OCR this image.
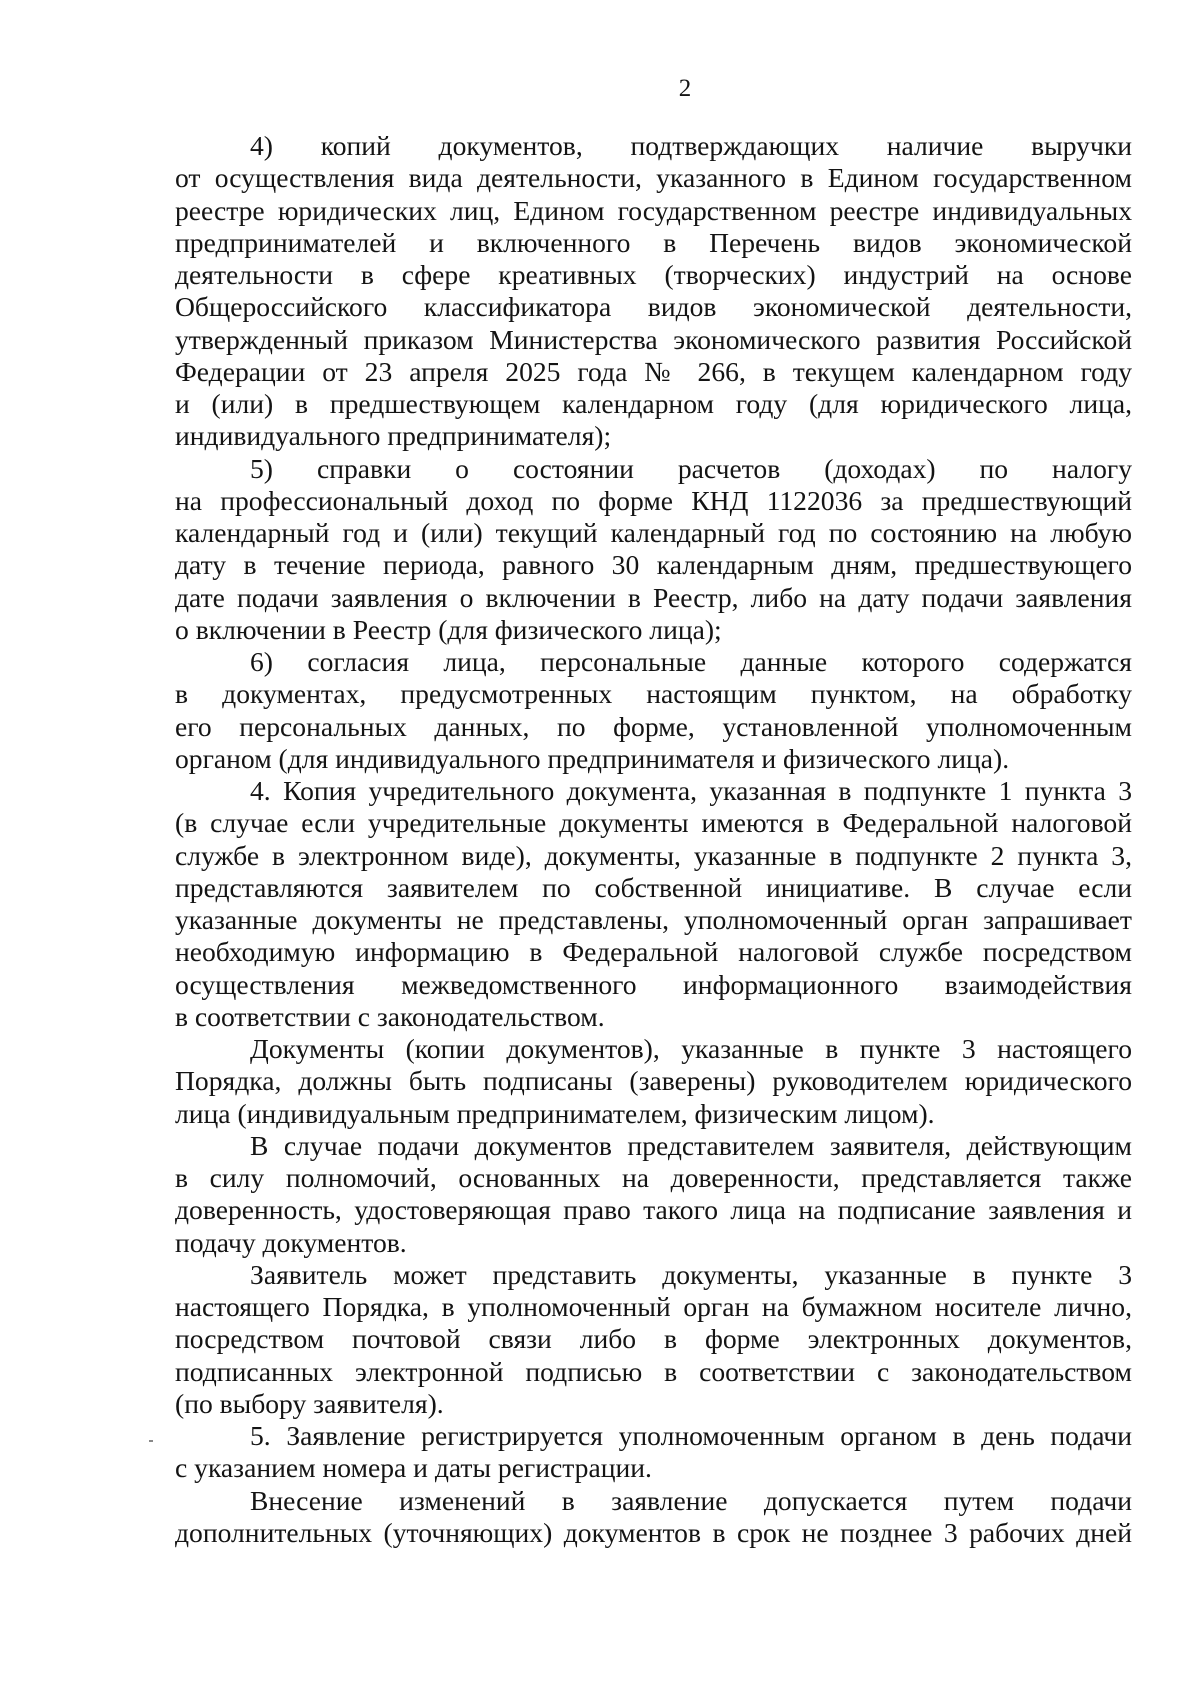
2
4) копий документов, подтверждающих наличие выручки
от осуществления вида деятельности, указанного в Едином государственном
реестре юридических лиц, Едином государственном реестре индивидуальных
предпринимателей и включенного в Перечень видов экономической
деятельности в сфере креативных (творческих) индустрий на основе
Общероссийского классификатора видов экономической деятельности,
утвержденный приказом Министерства экономического развития Российской
Федерации от 23 апреля 2025 года № 266, в текущем календарном году
и (или) в предшествующем календарном году (для юридического лица,
индивидуального предпринимателя);
5) справки о состоянии расчетов (доходах) по налогу
на профессиональный доход по форме КНД 1122036 за предшествующий
календарный год и (или) текущий календарный год по состоянию на любую
дату в течение периода, равного 30 календарным дням, предшествующего
дате подачи заявления о включении в Реестр, либо на дату подачи заявления
о включении в Реестр (для физического лица);
6) согласия лица, персональные данные которого содержатся
в документах, предусмотренных настоящим пунктом, на обработку
его персональных данных, по форме, установленной уполномоченным
органом (для индивидуального предпринимателя и физического лица).
4. Копия учредительного документа, указанная в подпункте 1 пункта 3
(в случае если учредительные документы имеются в Федеральной налоговой
службе в электронном виде), документы, указанные в подпункте 2 пункта 3,
представляются заявителем по собственной инициативе. В случае если
указанные документы не представлены, уполномоченный орган запрашивает
необходимую информацию в Федеральной налоговой службе посредством
осуществления межведомственного информационного взаимодействия
в соответствии с законодательством.
Документы (копии документов), указанные в пункте 3 настоящего
Порядка, должны быть подписаны (заверены) руководителем юридического
лица (индивидуальным предпринимателем, физическим лицом).
В случае подачи документов представителем заявителя, действующим
в силу полномочий, основанных на доверенности, представляется также
доверенность, удостоверяющая право такого лица на подписание заявления и
подачу документов.
Заявитель может представить документы, указанные в пункте 3
настоящего Порядка, в уполномоченный орган на бумажном носителе лично,
посредством почтовой связи либо в форме электронных документов,
подписанных электронной подписью в соответствии с законодательством
(по выбору заявителя).
5. Заявление регистрируется уполномоченным органом в день подачи
с указанием номера и даты регистрации.
Внесение изменений в заявление допускается путем подачи
дополнительных (уточняющих) документов в срок не позднее 3 рабочих дней
